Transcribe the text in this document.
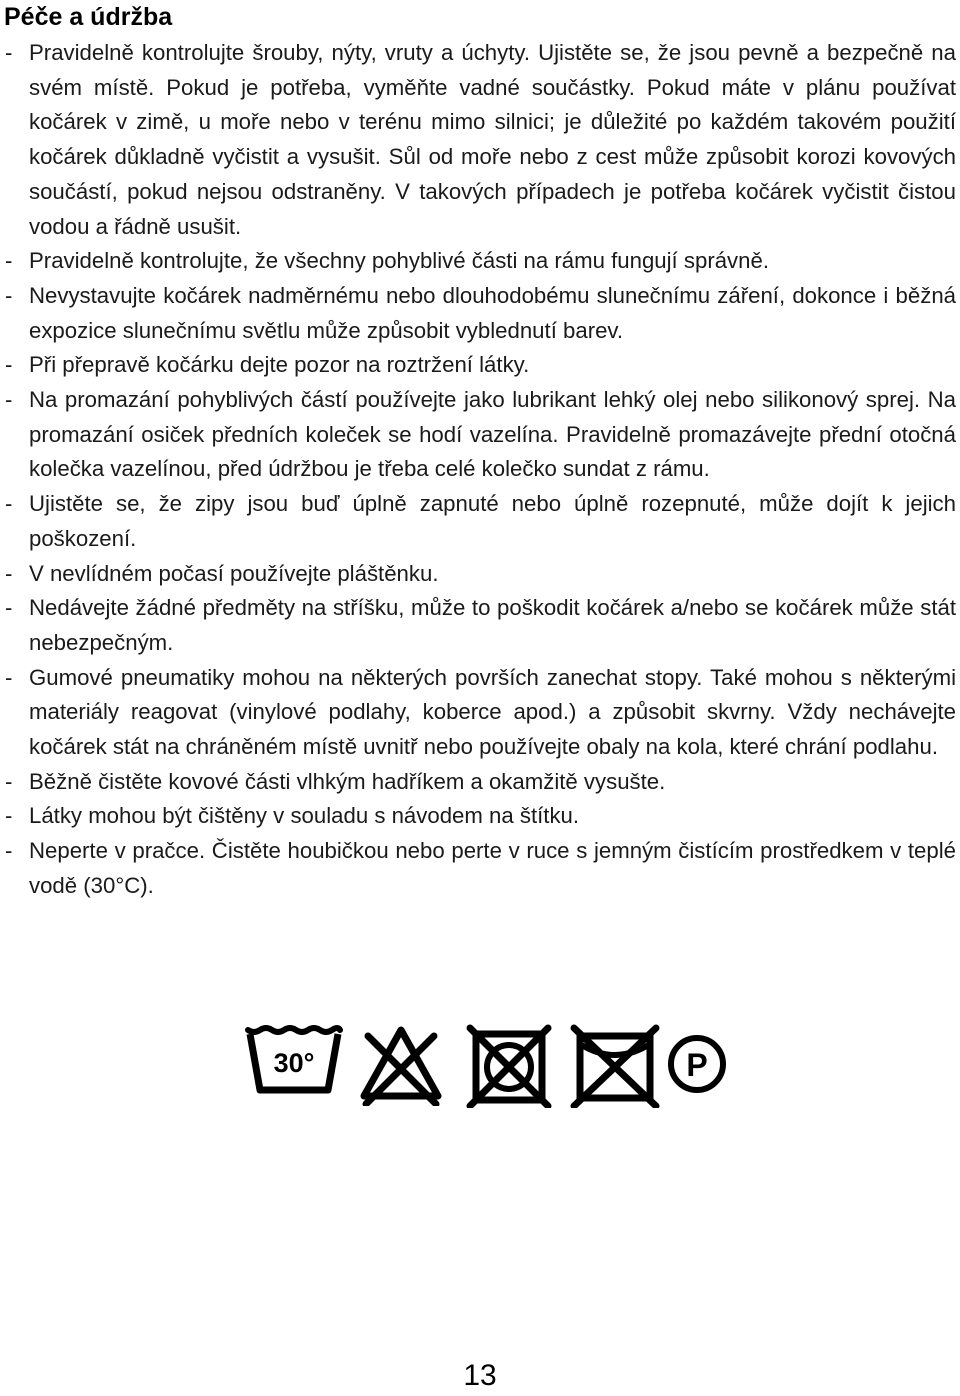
Péče a údržba
- Pravidelně kontrolujte šrouby, nýty, vruty a úchyty. Ujistěte se, že jsou pevně a bezpečně na svém místě. Pokud je potřeba, vyměňte vadné součástky. Pokud máte v plánu používat kočárek v zimě, u moře nebo v terénu mimo silnici; je důležité po každém takovém použití kočárek důkladně vyčistit a vysušit. Sůl od moře nebo z cest může způsobit korozi kovových součástí, pokud nejsou odstraněny. V takových případech je potřeba kočárek vyčistit čistou vodou a řádně usušit.
- Pravidelně kontrolujte, že všechny pohyblivé části na rámu fungují správně.
- Nevystavujte kočárek nadměrnému nebo dlouhodobému slunečnímu záření, dokonce i běžná expozice slunečnímu světlu může způsobit vyblednutí barev.
- Při přepravě kočárku dejte pozor na roztržení látky.
- Na promazání pohyblivých částí používejte jako lubrikant lehký olej nebo silikonový sprej. Na promazání osiček předních koleček se hodí vazelína. Pravidelně promazávejte přední otočná kolečka vazelínou, před údržbou je třeba celé kolečko sundat z rámu.
- Ujistěte se, že zipy jsou buď úplně zapnuté nebo úplně rozepnuté, může dojít k jejich poškození.
- V nevlídném počasí používejte pláštěnku.
- Nedávejte žádné předměty na stříšku, může to poškodit kočárek a/nebo se kočárek může stát nebezpečným.
- Gumové pneumatiky mohou na některých površích zanechat stopy. Také mohou s některými materiály reagovat (vinylové podlahy, koberce apod.) a způsobit skvrny. Vždy nechávejte kočárek stát na chráněném místě uvnitř nebo používejte obaly na kola, které chrání podlahu.
- Běžně čistěte kovové části vlhkým hadříkem a okamžitě vysušte.
- Látky mohou být čištěny v souladu s návodem na štítku.
- Neperte v pračce. Čistěte houbičkou nebo perte v ruce s jemným čistícím prostředkem v teplé vodě (30°C).
30°	P
13
